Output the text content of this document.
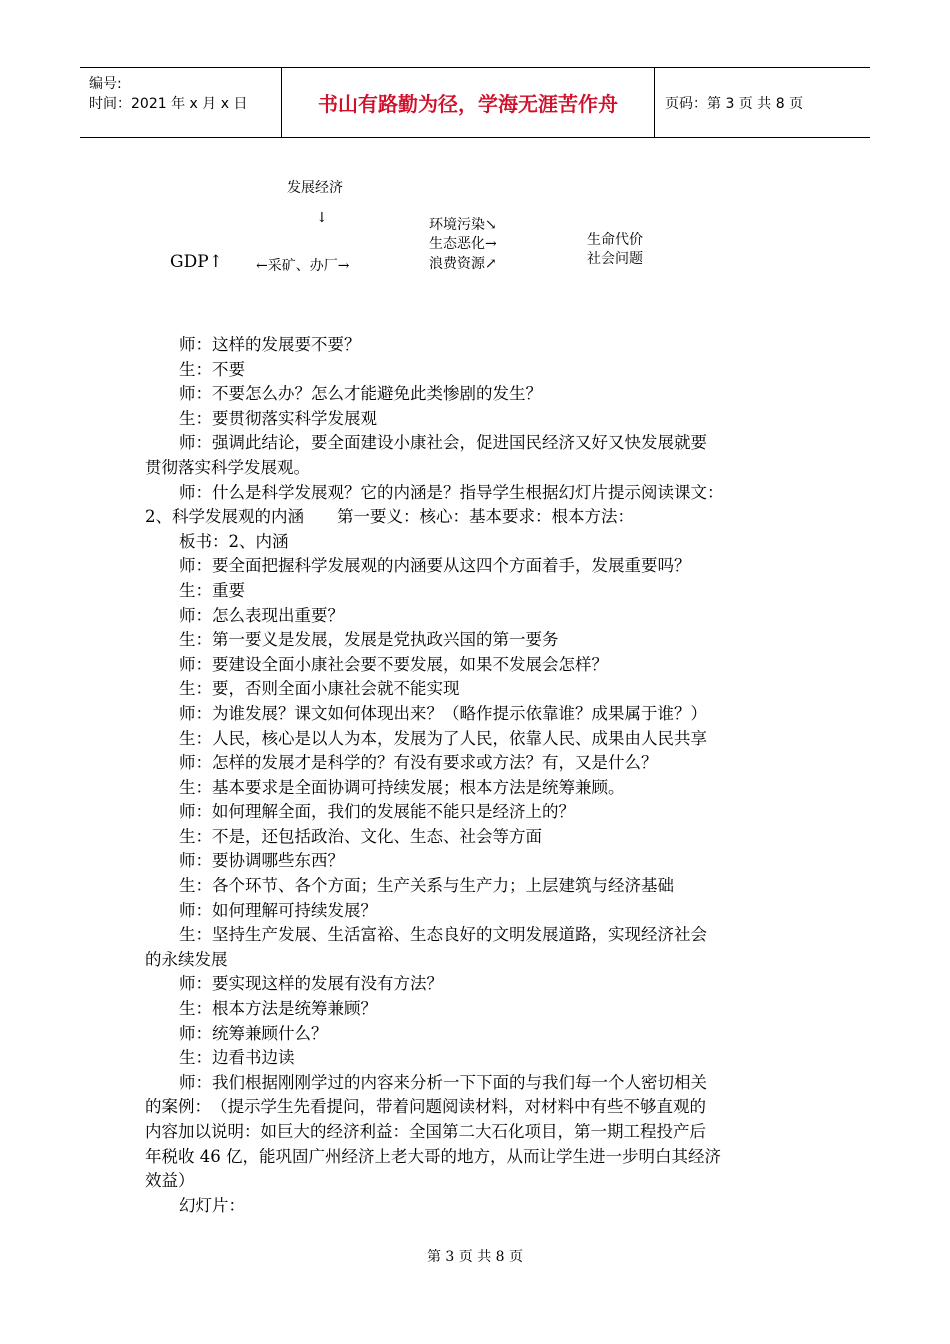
编号:
时间：2021 年 x 月 x 日	书山有路勤为径，学海无涯苦作舟	页码：第 3 页 共 8 页
发展经济
↓
GDP↑ ←采矿、办厂→
环境污染↘
生态恶化→
浪费资源↗
生命代价
社会问题
师：这样的发展要不要？
生：不要
师：不要怎么办？怎么才能避免此类惨剧的发生？
生：要贯彻落实科学发展观
师：强调此结论，要全面建设小康社会，促进国民经济又好又快发展就要
贯彻落实科学发展观。
师：什么是科学发展观？它的内涵是？指导学生根据幻灯片提示阅读课文：
2、科学发展观的内涵　　第一要义：核心：基本要求：根本方法：
板书：2、内涵
师：要全面把握科学发展观的内涵要从这四个方面着手，发展重要吗？
生：重要
师：怎么表现出重要？
生：第一要义是发展，发展是党执政兴国的第一要务
师：要建设全面小康社会要不要发展，如果不发展会怎样？
生：要，否则全面小康社会就不能实现
师：为谁发展？课文如何体现出来？（略作提示依靠谁？成果属于谁？）
生：人民，核心是以人为本，发展为了人民，依靠人民、成果由人民共享
师：怎样的发展才是科学的？有没有要求或方法？有，又是什么？
生：基本要求是全面协调可持续发展；根本方法是统筹兼顾。
师：如何理解全面，我们的发展能不能只是经济上的？
生：不是，还包括政治、文化、生态、社会等方面
师：要协调哪些东西？
生：各个环节、各个方面；生产关系与生产力；上层建筑与经济基础
师：如何理解可持续发展？
生：坚持生产发展、生活富裕、生态良好的文明发展道路，实现经济社会
的永续发展
师：要实现这样的发展有没有方法？
生：根本方法是统筹兼顾？
师：统筹兼顾什么？
生：边看书边读
师：我们根据刚刚学过的内容来分析一下下面的与我们每一个人密切相关
的案例：　（提示学生先看提问，带着问题阅读材料，对材料中有些不够直观的
内容加以说明：如巨大的经济利益：全国第二大石化项目，第一期工程投产后
年税收 46 亿，能巩固广州经济上老大哥的地方，从而让学生进一步明白其经济
效益）
幻灯片：
第 3 页 共 8 页
